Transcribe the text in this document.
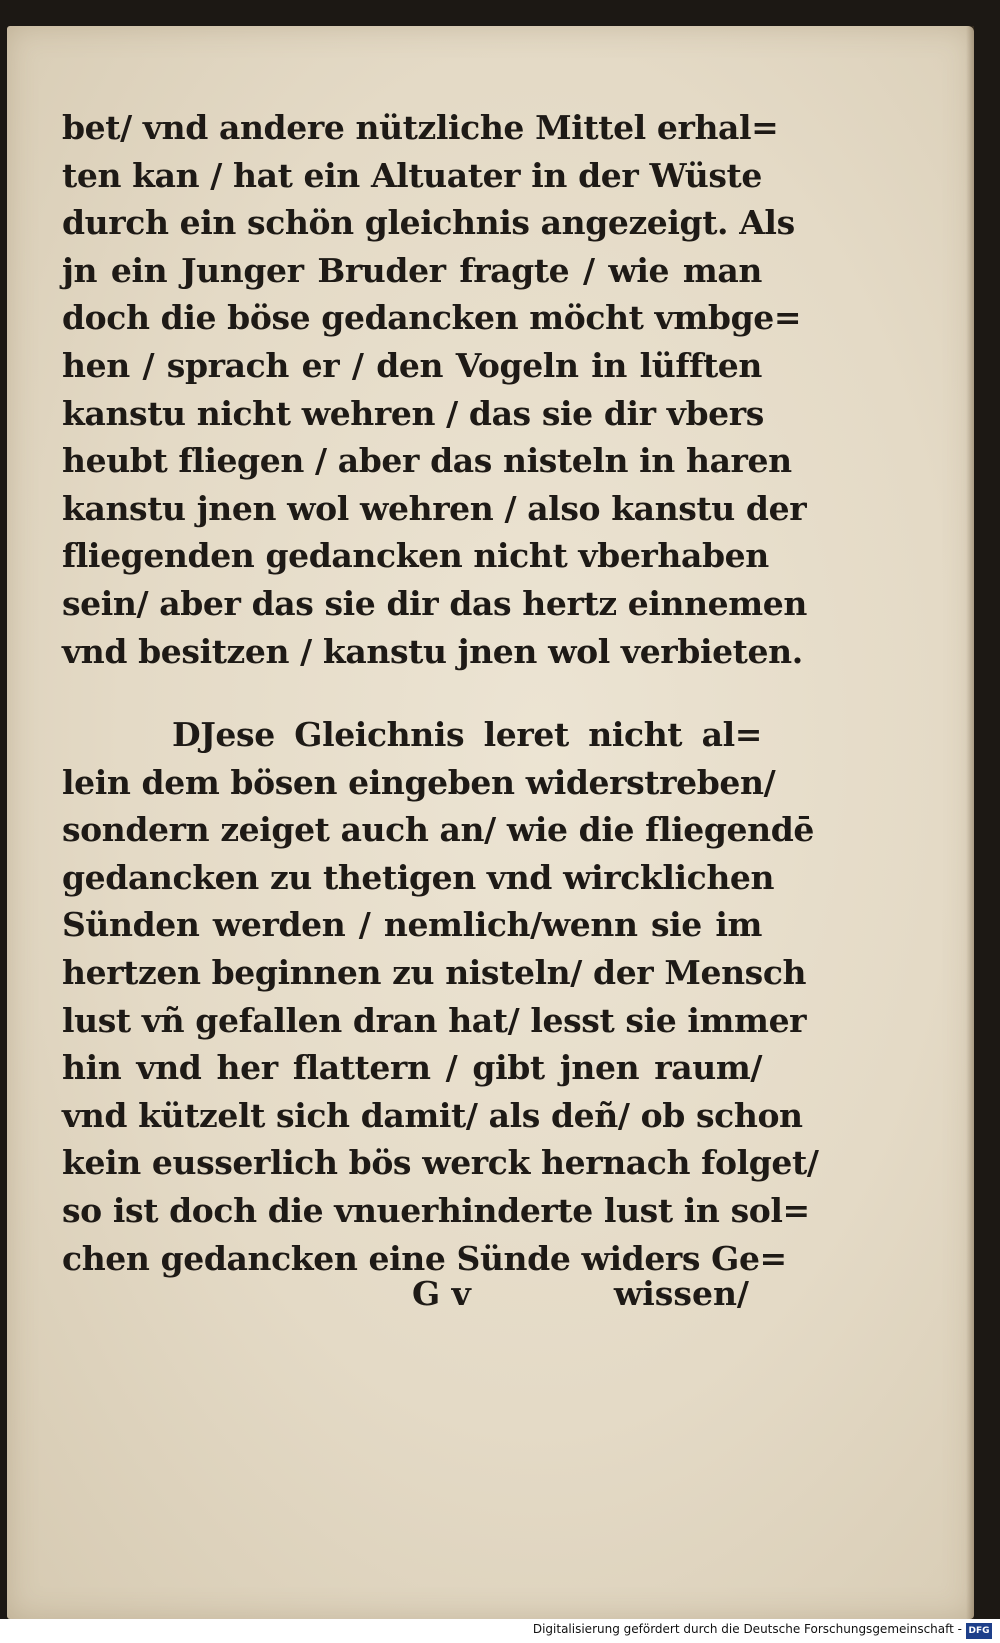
bet/ vnd andere nützliche Mittel erhal=
ten kan / hat ein Altuater in der Wüste
durch ein schön gleichnis angezeigt. Als
jn ein Junger Bruder fragte / wie man
doch die böse gedancken möcht vmbge=
hen / sprach er / den Vogeln in lüfften
kanstu nicht wehren / das sie dir vbers
heubt fliegen / aber das nisteln in haren
kanstu jnen wol wehren / also kanstu der
fliegenden gedancken nicht vberhaben
sein/ aber das sie dir das hertz einnemen
vnd besitzen / kanstu jnen wol verbieten.
DJese Gleichnis leret nicht al=
lein dem bösen eingeben widerstreben/
sondern zeiget auch an/ wie die fliegendē
gedancken zu thetigen vnd wircklichen
Sünden werden / nemlich/wenn sie im
hertzen beginnen zu nisteln/ der Mensch
lust vñ gefallen dran hat/ lesst sie immer
hin vnd her flattern / gibt jnen raum/
vnd kützelt sich damit/ als deñ/ ob schon
kein eusserlich bös werck hernach folget/
so ist doch die vnuerhinderte lust in sol=
chen gedancken eine Sünde widers Ge=
G v	wissen/
Digitalisierung gefördert durch die Deutsche Forschungsgemeinschaft - DFG
